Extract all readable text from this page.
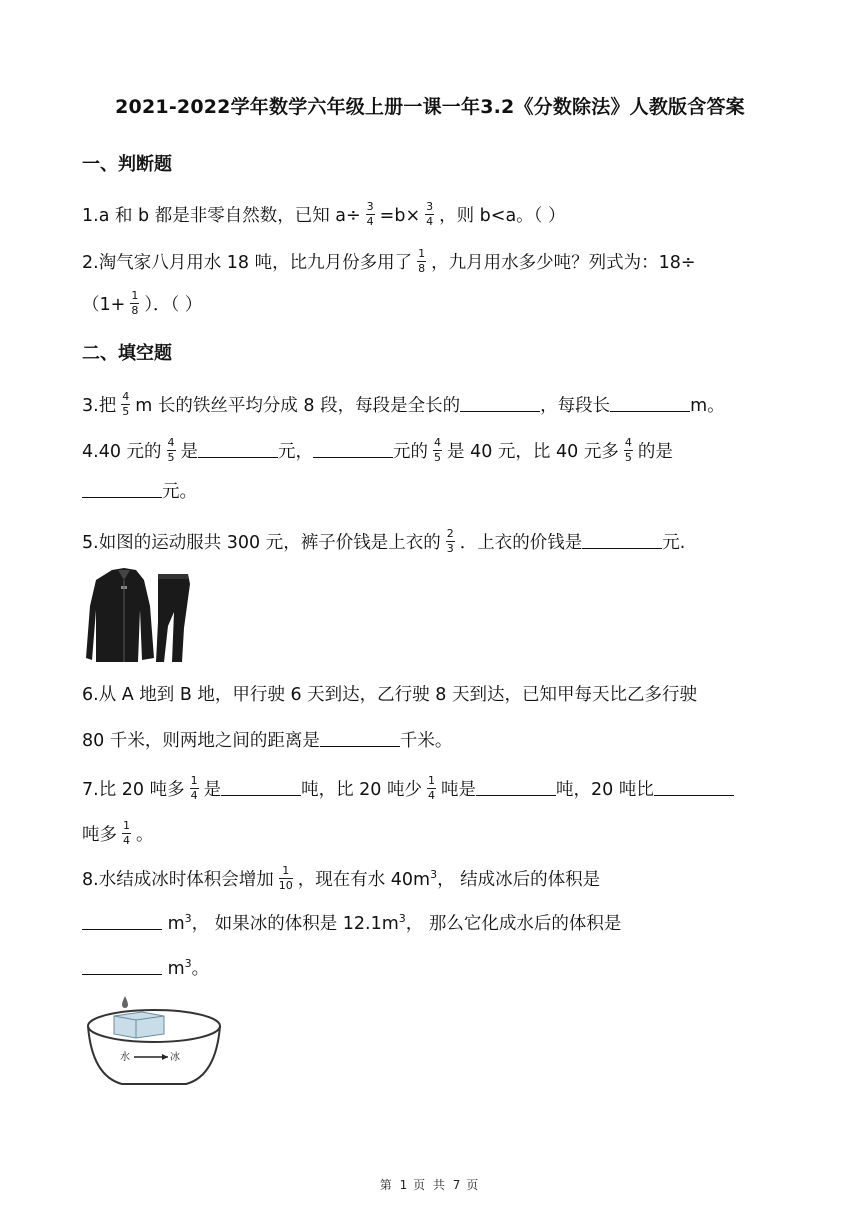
2021-2022学年数学六年级上册一课一年3.2《分数除法》人教版含答案
一、判断题
1.a 和 b 都是非零自然数，已知 $a\div \frac{3}{4} =b\times \frac{3}{4}$ ，则 b<a。（ ）
2.淘气家八月用水 18 吨，比九月份多用了 $\frac{1}{8}$ ，九月用水多少吨？列式为：18÷
（$1+ \frac{1}{8}$ ）．（ ）
二、填空题
3.把 $\frac{4}{5}$ m 长的铁丝平均分成 8 段，每段是全长的	，每段长	m。
4.40 元的 $\frac{4}{5}$ 是	元，	元的 $\frac{4}{5}$ 是 40 元，比 40 元多 $\frac{4}{5}$ 的是
元。
5.如图的运动服共 300 元，裤子价钱是上衣的 $\frac{2}{3}$ ．上衣的价钱是	元.
6.从 A 地到 B 地，甲行驶 6 天到达，乙行驶 8 天到达，已知甲每天比乙多行驶
80 千米，则两地之间的距离是	千米。
7.比 20 吨多 $\frac{1}{4}$ 是	吨，比 20 吨少 $\frac{1}{4}$ 吨是	吨，20 吨比
吨多 $\frac{1}{4}$ 。
8.水结成冰时体积会增加 $\frac{1}{10}$ ，现在有水 $40m^3$， 结成冰后的体积是
$m^3$， 如果冰的体积是 $12.1m^3$， 那么它化成水后的体积是
$m^3$。
水	冰
第 1 页 共 7 页
